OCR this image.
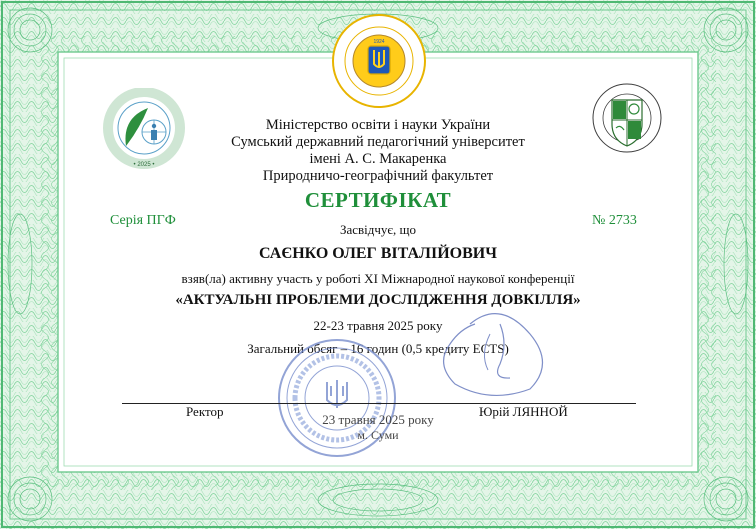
• 2025 •
1924
Міністерство освіти і науки України
Сумський державний педагогічний університет
імені А. С. Макаренка
Природничо-географічний факультет
СЕРТИФІКАТ
Серія ПГФ	№ 2733
Засвідчує, що
САЄНКО ОЛЕГ ВІТАЛІЙОВИЧ
взяв(ла) активну участь у роботі XI Міжнародної наукової конференції
«АКТУАЛЬНІ ПРОБЛЕМИ ДОСЛІДЖЕННЯ ДОВКІЛЛЯ»
22-23 травня 2025 року
Загальний обсяг – 16 годин (0,5 кредиту ECTS)
Ректор	Юрій ЛЯННОЙ
23 травня 2025 року
м. Суми
